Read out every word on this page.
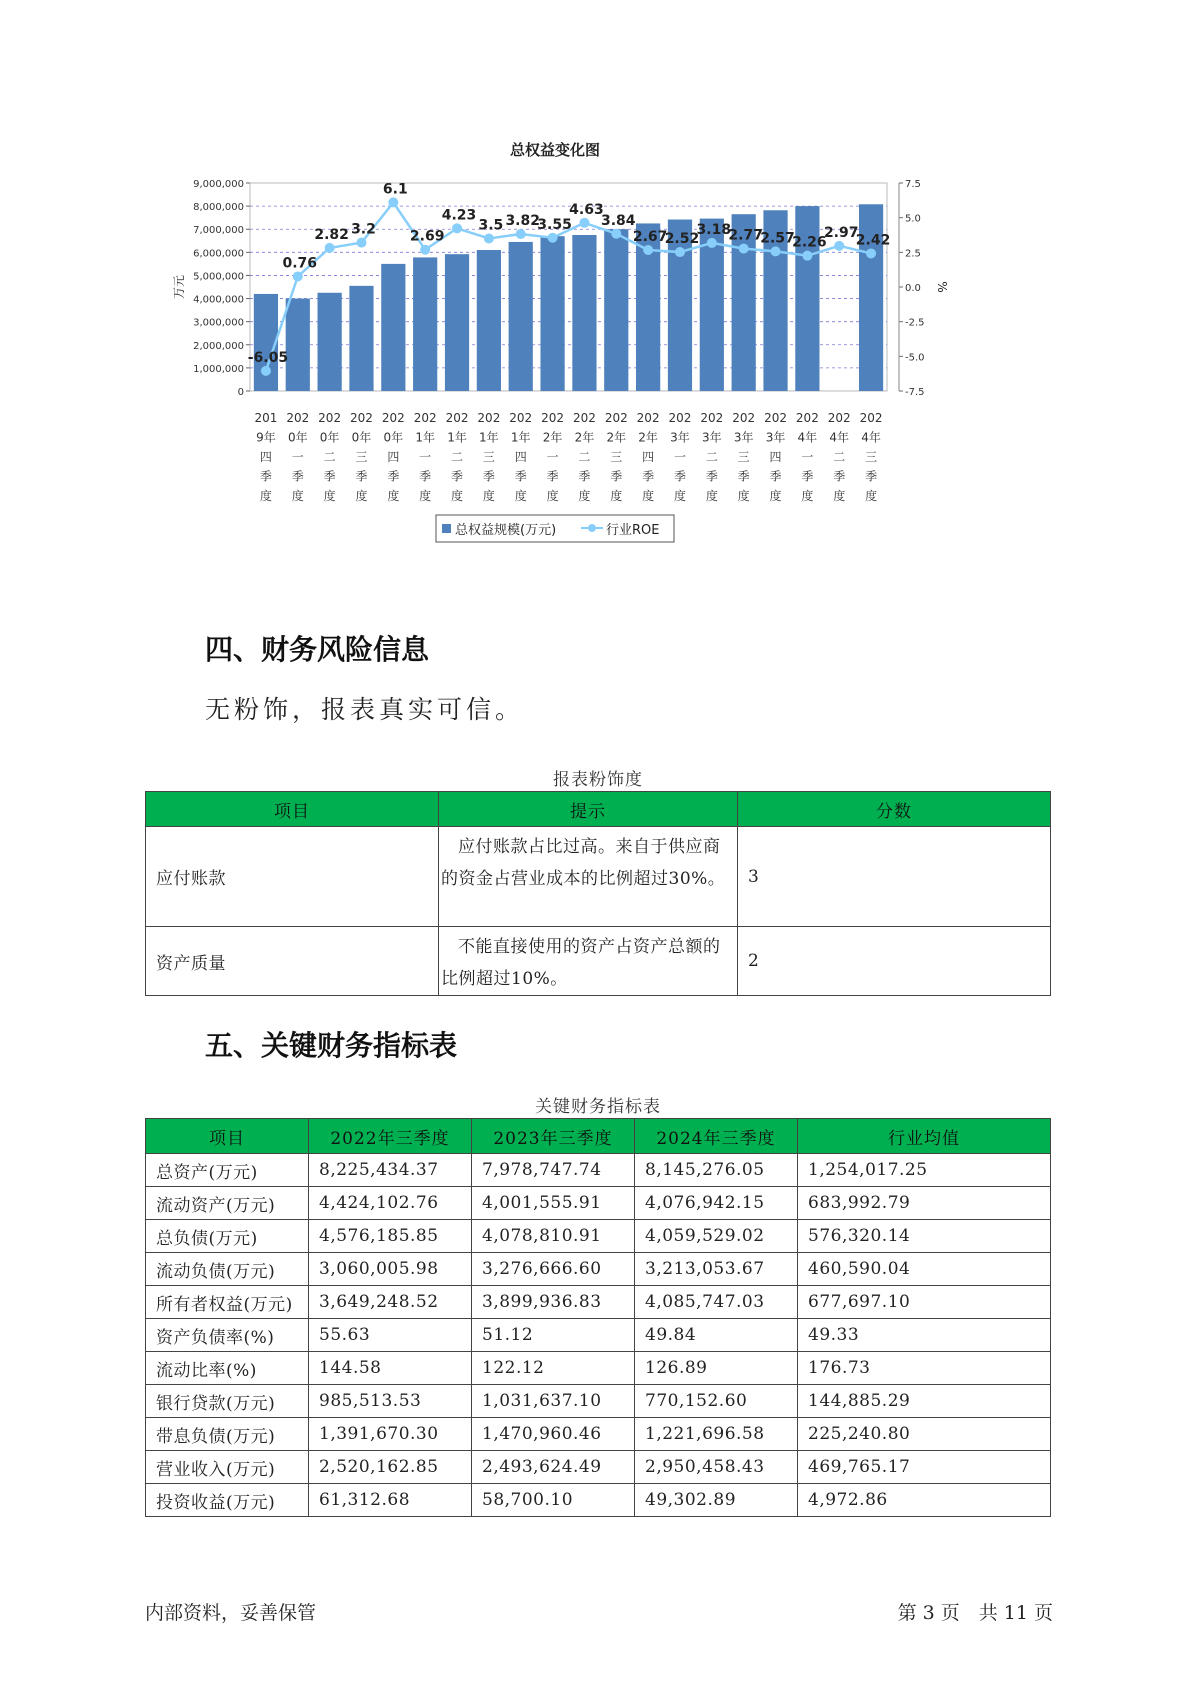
总权益变化图
9,000,000
8,000,000
7,000,000
6,000,000
5,000,000
4,000,000
3,000,000
2,000,000
1,000,000
0
7.5
5.0
2.5
0.0
-2.5
-5.0
-7.5
万元	%
201 9年四季度
202 0年一季度
202 0年二季度
202 0年三季度
202 0年四季度
202 1年一季度
202 1年二季度
202 1年三季度
202 1年四季度
202 2年一季度
202 2年二季度
202 2年三季度
202 2年四季度
202 3年一季度
202 3年二季度
202 3年三季度
202 3年四季度
202 4年一季度
202 4年二季度
202 4年三季度
-6.05
0.76
2.82 3.2
6.1
2.69
4.23
3.5 3.82
3.55
4.63
3.84
2.67
2.52
3.18
2.77
2.57
2.26
2.97
2.42
总权益规模(万元)	行业ROE
四、财务风险信息
无粉饰，报表真实可信。
报表粉饰度
项目	提示	分数
应付账款	应付账款占比过高。来自于供应商的资金占营业成本的比例超过30%。	3
资产质量	不能直接使用的资产占资产总额的比例超过10%。	2
五、关键财务指标表
关键财务指标表
项目	2022年三季度	2023年三季度	2024年三季度	行业均值
总资产(万元)	8,225,434.37	7,978,747.74	8,145,276.05	1,254,017.25
流动资产(万元)	4,424,102.76	4,001,555.91	4,076,942.15	683,992.79
总负债(万元)	4,576,185.85	4,078,810.91	4,059,529.02	576,320.14
流动负债(万元)	3,060,005.98	3,276,666.60	3,213,053.67	460,590.04
所有者权益(万元)	3,649,248.52	3,899,936.83	4,085,747.03	677,697.10
资产负债率(%)	55.63	51.12	49.84	49.33
流动比率(%)	144.58	122.12	126.89	176.73
银行贷款(万元)	985,513.53	1,031,637.10	770,152.60	144,885.29
带息负债(万元)	1,391,670.30	1,470,960.46	1,221,696.58	225,240.80
营业收入(万元)	2,520,162.85	2,493,624.49	2,950,458.43	469,765.17
投资收益(万元)	61,312.68	58,700.10	49,302.89	4,972.86
内部资料，妥善保管	第 3 页　共 11 页
